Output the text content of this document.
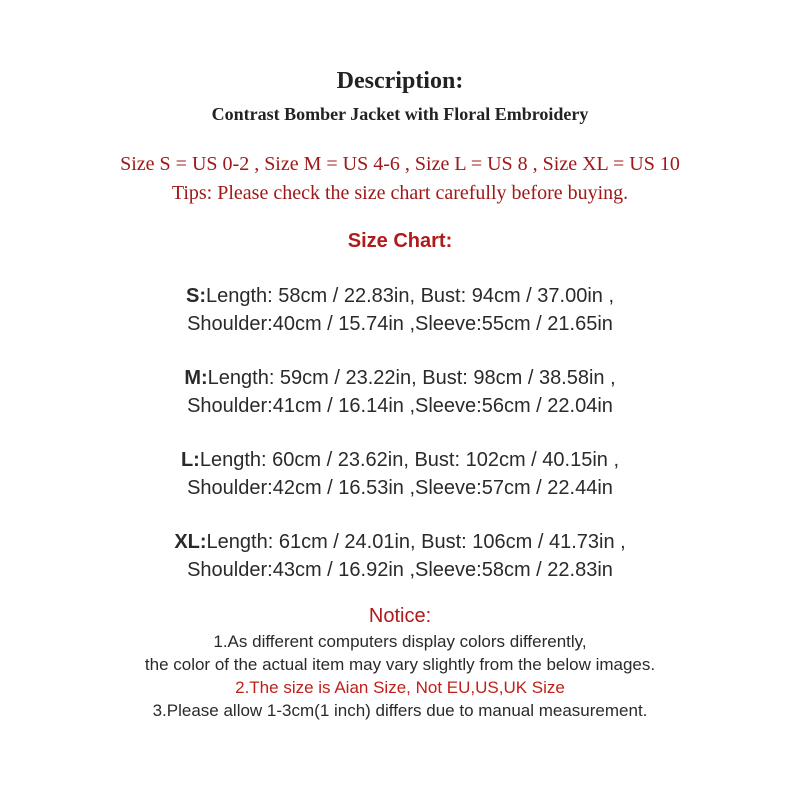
Description:
Contrast Bomber Jacket with Floral Embroidery
Size S = US 0-2 , Size M = US 4-6 , Size L = US 8 , Size XL = US 10
Tips: Please check the size chart carefully before buying.
Size Chart:
S:Length: 58cm / 22.83in, Bust: 94cm / 37.00in ,
Shoulder:40cm / 15.74in ,Sleeve:55cm / 21.65in
M:Length: 59cm / 23.22in, Bust: 98cm / 38.58in ,
Shoulder:41cm / 16.14in ,Sleeve:56cm / 22.04in
L:Length: 60cm / 23.62in, Bust: 102cm / 40.15in ,
Shoulder:42cm / 16.53in ,Sleeve:57cm / 22.44in
XL:Length: 61cm / 24.01in, Bust: 106cm / 41.73in ,
Shoulder:43cm / 16.92in ,Sleeve:58cm / 22.83in
Notice:
1.As different computers display colors differently,
the color of the actual item may vary slightly from the below images.
2.The size is Aian Size, Not EU,US,UK Size
3.Please allow 1-3cm(1 inch) differs due to manual measurement.
